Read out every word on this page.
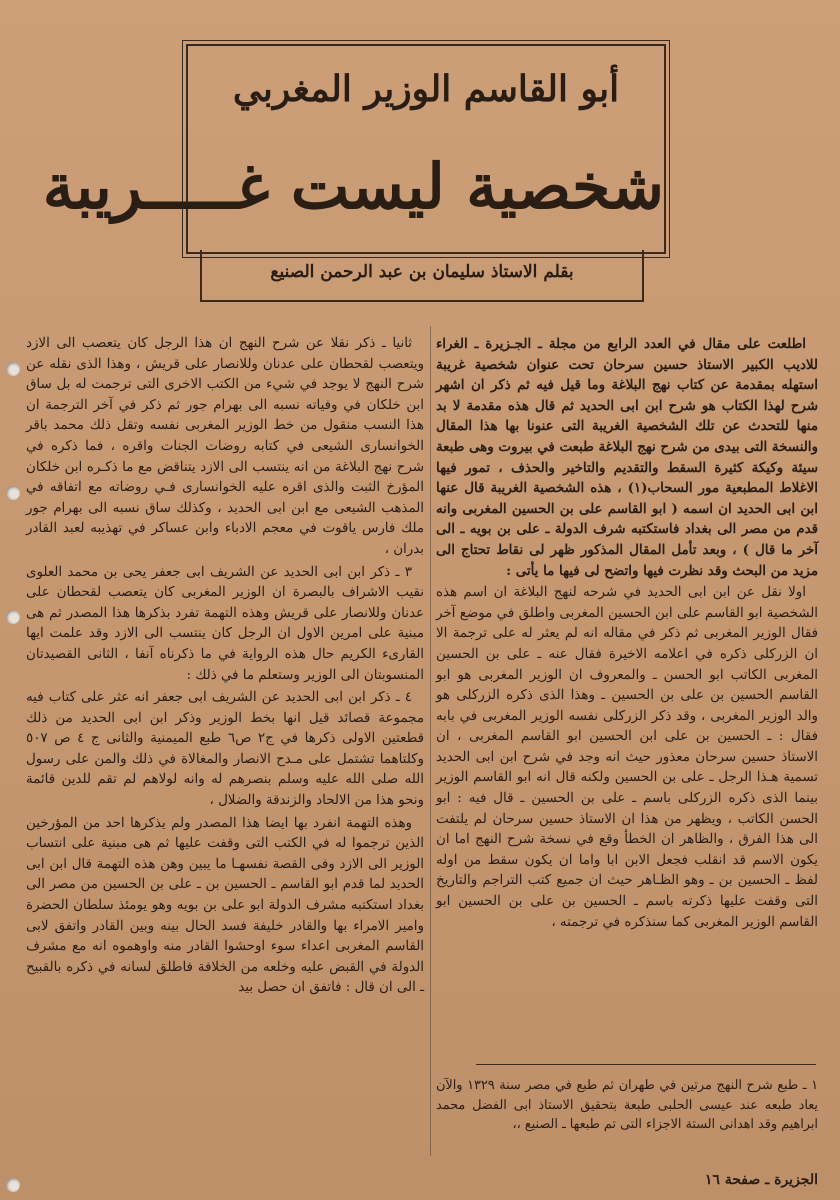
أبو القاسم الوزير المغربي
شخصية ليست غـــــريبة
بقلم الاستاذ سليمان بن عبد الرحمن الصنيع

اطلعت على مقال في العدد الرابع من مجلة ـ الجـزيرة ـ الغراء للاديب الكبير الاستاذ حسين سرحان تحت عنوان شخصية غريبة استهله بمقدمة عن كتاب نهج البلاغة وما قيل فيه ثم ذكر ان اشهر شرح لهذا الكتاب هو شرح ابن ابى الحديد ثم قال هذه مقدمة لا بد منها للتحدث عن تلك الشخصية الغريبة التى عنونا بها هذا المقال والنسخة التى بيدى من شرح نهج البلاغة طبعت في بيروت وهى طبعة سيئة وكيكة كثيرة السقط والتقديم والتاخير والحذف ، تمور فيها الاغلاط المطبعية مور السحاب(١) ، هذه الشخصية الغريبة قال عنها ابن ابى الحديد ان اسمه ( ابو القاسم على بن الحسين المغربى وانه قدم من مصر الى بغداد فاستكتبه شرف الدولة ـ على بن بويه ـ الى آخر ما قال ) ، وبعد تأمل المقال المذكور ظهر لى نقاط تحتاج الى مزيد من البحث وقد نظرت فيها واتضح لى فيها ما يأتى :

اولا نقل عن ابن ابى الحديد في شرحه لنهج البلاغة ان اسم هذه الشخصية ابو القاسم على ابن الحسين المغربى واطلق في موضع آخر فقال الوزير المغربى ثم ذكر في مقاله انه لم يعثر له على ترجمة الا ان الزركلى ذكره في اعلامه الاخيرة فقال عنه ـ على بن الحسين المغربى الكاتب ابو الحسن ـ والمعروف ان الوزير المغربى هو ابو القاسم الحسين بن على بن الحسين ـ وهذا الذى ذكره الزركلى هو والد الوزير المغربى ، وقد ذكر الزركلى نفسه الوزير المغربى في بابه فقال : ـ الحسين بن على ابن الحسين ابو القاسم المغربى ، ان الاستاذ حسين سرحان معذور حيث انه وجد في شرح ابن ابى الحديد تسمية هـذا الرجل ـ على بن الحسين ولكنه قال انه ابو القاسم الوزير بينما الذى ذكره الزركلى باسم ـ على بن الحسين ـ قال فيه : ابو الحسن الكاتب ، ويظهر من هذا ان الاستاذ حسين سرحان لم يلتفت الى هذا الفرق ، والظاهر ان الخطأ وقع في نسخة شرح النهج اما ان يكون الاسم قد انقلب فجعل الابن ابا واما ان يكون سقط من اوله لفظ ـ الحسين بن ـ وهو الظـاهر حيث ان جميع كتب التراجم والتاريخ التى وقفت عليها ذكرته باسم ـ الحسين بن على بن الحسين ابو القاسم الوزير المغربى كما سنذكره في ترجمته ،

ثانيا ـ ذكر نقلا عن شرح النهج ان هذا الرجل كان يتعصب الى الازد ويتعصب لقحطان على عدنان وللانصار على قريش ، وهذا الذى نقله عن شرح النهج لا يوجد في شيء من الكتب الاخرى التى ترجمت له بل ساق ابن خلكان في وفياته نسبه الى بهرام جور ثم ذكر في آخر الترجمة ان هذا النسب منقول من خط الوزير المغربى نفسه وتقل ذلك محمد باقر الخوانسارى الشيعى في كتابه روضات الجنات واقره ، فما ذكره في شرح نهج البلاغة من انه ينتسب الى الازد يتناقض مع ما ذكـره ابن خلكان المؤرخ الثبت والذى اقره عليه الخوانسارى فـي روضاته مع اتفاقه في المذهب الشيعى مع ابن ابى الحديد ، وكذلك ساق نسبه الى بهرام جور ملك فارس ياقوت في معجم الادباء وابن عساكر في تهذيبه لعبد القادر بدران ،

٣ ـ ذكر ابن ابى الحديد عن الشريف ابى جعفر يحى بن محمد العلوى نقيب الاشراف بالبصرة ان الوزير المغربى كان يتعصب لقحطان على عدنان وللانصار على قريش وهذه التهمة تفرد بذكرها هذا المصدر ثم هى مبنية على امرين الاول ان الرجل كان ينتسب الى الازد وقد علمت ايها القارىء الكريم حال هذه الرواية في ما ذكرناه آنفا ، الثانى القصيدتان المنسوبتان الى الوزير وستعلم ما في ذلك :

٤ ـ ذكر ابن ابى الحديد عن الشريف ابى جعفر انه عثر على كتاب فيه مجموعة قصائد قيل انها بخط الوزير وذكر ابن ابى الحديد من ذلك قطعتين الاولى ذكرها في ج٢ ص٦ طبع الميمنية والثانى ج ٤ ص ٥٠٧ وكلتاهما تشتمل على مـدح الانصار والمغالاة في ذلك والمن على رسول الله صلى الله عليه وسلم بنصرهم له وانه لولاهم لم تقم للدين قائمة ونحو هذا من الالحاد والزندقة والضلال ،

وهذه التهمة انفرد بها ايضا هذا المصدر ولم يذكرها احد من المؤرخين الذين ترجموا له في الكتب التى وقفت عليها ثم هى مبنية على انتساب الوزير الى الازد وفى القصة نفسهـا ما يبين وهن هذه التهمة قال ابن ابى الحديد لما قدم ابو القاسم ـ الحسين بن ـ على بن الحسين من مصر الى بغداد استكتبه مشرف الدولة ابو على بن بويه وهو يومئذ سلطان الحضرة وامير الامراء بها والقادر خليفة فسد الحال بينه وبين القادر واتفق لابى القاسم المغربى اعداء سوء اوحشوا القادر منه واوهموه انه مع مشرف الدولة في القبض عليه وخلعه من الخلافة فاطلق لسانه في ذكره بالقبيح ـ الى ان قال : فاتفق ان حصل بيد

١ ـ طبع شرح النهج مرتين في طهران ثم طبع في مصر سنة ١٣٢٩ والآن يعاد طبعه عند عيسى الحلبى طبعة بتحقيق الاستاذ ابى الفضل محمد ابراهيم وقد اهدانى الستة الاجزاء التى تم طبعها ـ الصنيع ،،
الجزيرة ـ صفحة ١٦
